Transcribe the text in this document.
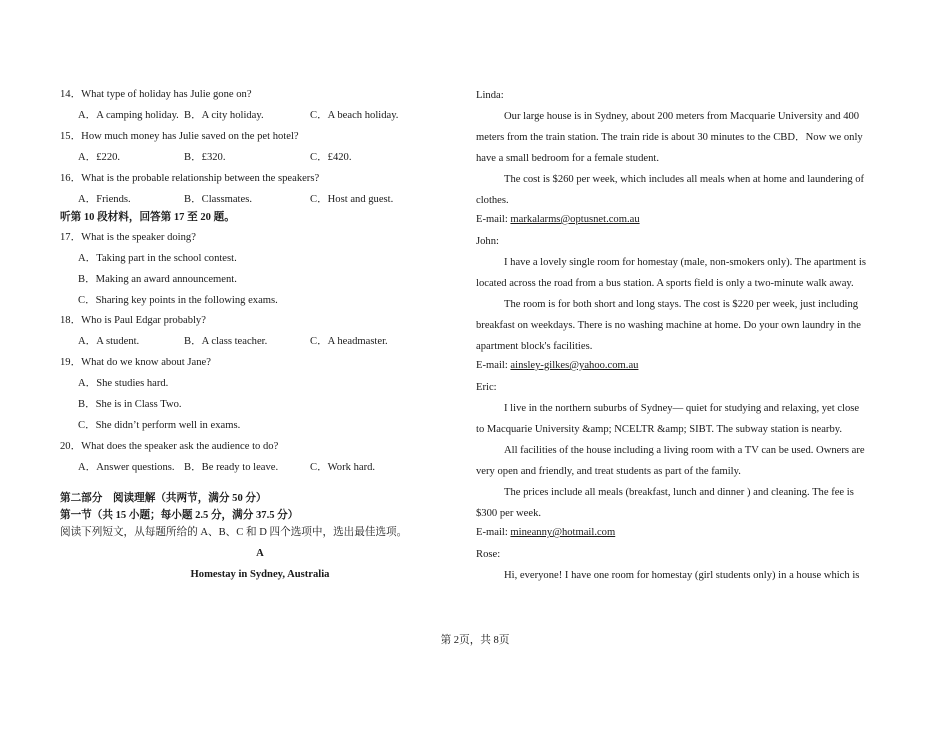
14．What type of holiday has Julie gone on?
A．A camping holiday. B．A city holiday.	C．A beach holiday.
15．How much money has Julie saved on the pet hotel?
A．£220.	B．£320.	C．£420.
16．What is the probable relationship between the speakers?
A．Friends.	B．Classmates.	C．Host and guest.
听第 10 段材料，回答第 17 至 20 题。
17．What is the speaker doing?
A．Taking part in the school contest.
B．Making an award announcement.
C．Sharing key points in the following exams.
18．Who is Paul Edgar probably?
A．A student.	B．A class teacher.	C．A headmaster.
19．What do we know about Jane?
A．She studies hard.
B．She is in Class Two.
C．She didn’t perform well in exams.
20．What does the speaker ask the audience to do?
A．Answer questions. B．Be ready to leave.	C．Work hard.
第二部分　阅读理解（共两节，满分 50 分）
第一节（共 15 小题；每小题 2.5 分，满分 37.5 分）
阅读下列短文，从每题所给的 A、B、C 和 D 四个选项中，选出最佳选项。
A
Homestay in Sydney, Australia
Linda:
Our large house is in Sydney, about 200 meters from Macquarie University and 400
meters from the train station. The train ride is about 30 minutes to the CBD．Now we only
have a small bedroom for a female student.
The cost is $260 per week, which includes all meals when at home and laundering of
clothes.
E-mail: markalarms@optusnet.com.au
John:
I have a lovely single room for homestay (male, non-smokers only). The apartment is
located across the road from a bus station. A sports field is only a two-minute walk away.
The room is for both short and long stays. The cost is $220 per week, just including
breakfast on weekdays. There is no washing machine at home. Do your own laundry in the
apartment block's facilities.
E-mail: ainsley-gilkes@yahoo.com.au
Eric:
I live in the northern suburbs of Sydney— quiet for studying and relaxing, yet close
to Macquarie University &amp; NCELTR &amp; SIBT. The subway station is nearby.
All facilities of the house including a living room with a TV can be used. Owners are
very open and friendly, and treat students as part of the family.
The prices include all meals (breakfast, lunch and dinner ) and cleaning. The fee is
$300 per week.
E-mail: mineanny@hotmail.com
Rose:
Hi, everyone! I have one room for homestay (girl students only) in a house which is
第 2页，共 8页
